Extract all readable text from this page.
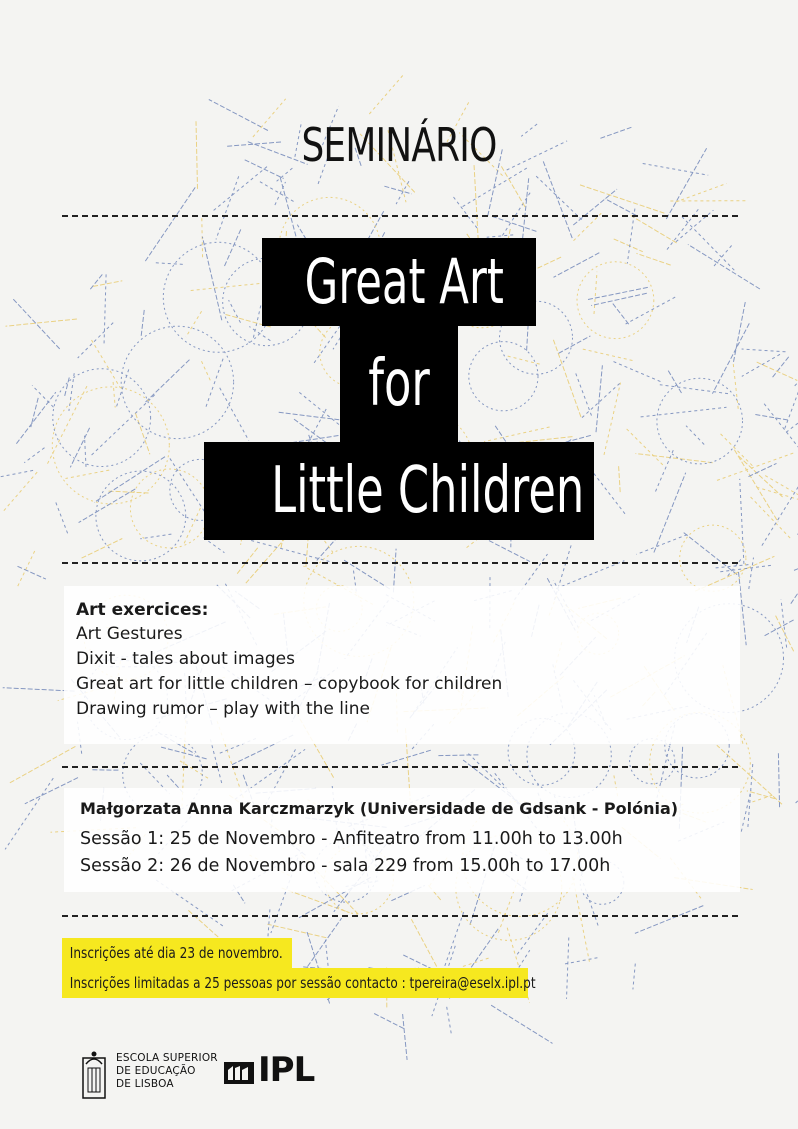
SEMINÁRIO
Great Art
for
Little Children
Art exercices:
Art Gestures
Dixit - tales about images
Great art for little children – copybook for children
Drawing rumor – play with the line
Małgorzata Anna Karczmarzyk (Universidade de Gdsank - Polónia)
Sessão 1: 25 de Novembro - Anfiteatro from 11.00h to 13.00h
Sessão 2: 26 de Novembro - sala 229 from 15.00h to 17.00h
Inscrições até dia 23 de novembro.
Inscrições limitadas a 25 pessoas por sessão contacto : tpereira@eselx.ipl.pt
ESCOLA SUPERIOR
DE EDUCAÇÃO
DE LISBOA	IPL
